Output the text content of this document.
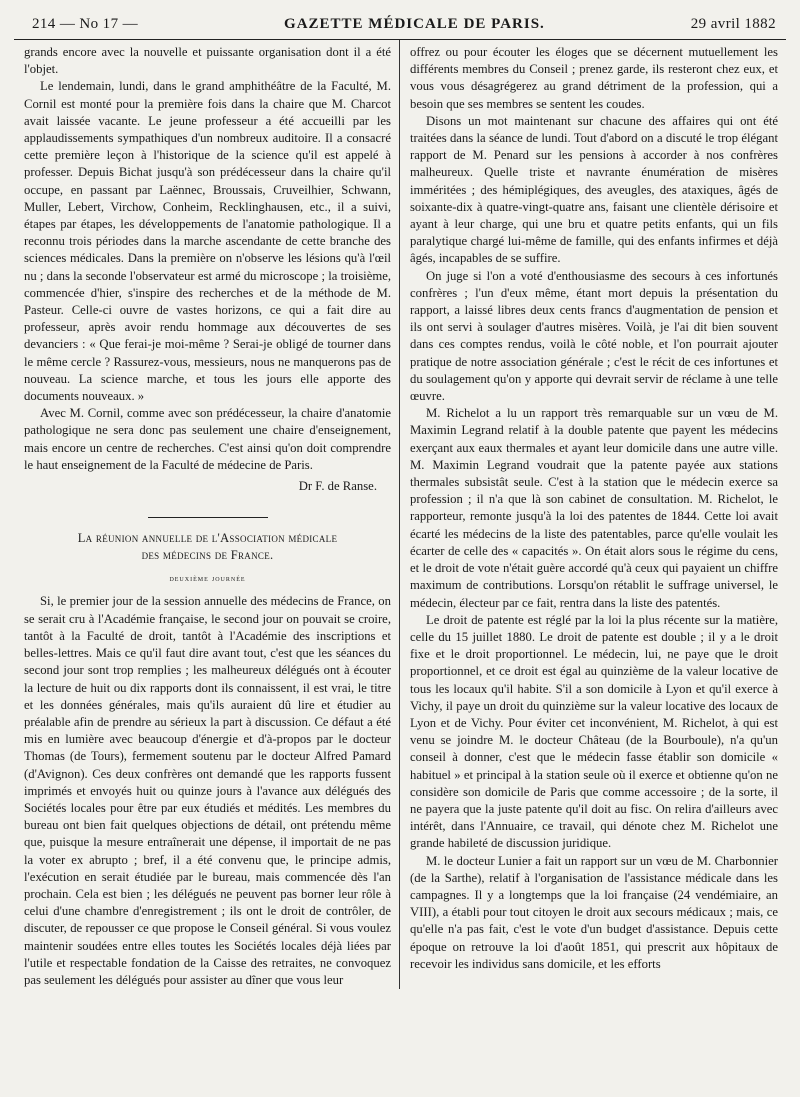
214 — No 17 —	GAZETTE MÉDICALE DE PARIS.	29 avril 1882

grands encore avec la nouvelle et puissante organisation dont il a été l'objet.

Le lendemain, lundi, dans le grand amphithéâtre de la Faculté, M. Cornil est monté pour la première fois dans la chaire que M. Charcot avait laissée vacante. Le jeune professeur a été accueilli par les applaudissements sympathiques d'un nombreux auditoire. Il a consacré cette première leçon à l'historique de la science qu'il est appelé à professer. Depuis Bichat jusqu'à son prédécesseur dans la chaire qu'il occupe, en passant par Laënnec, Broussais, Cruveilhier, Schwann, Muller, Lebert, Virchow, Conheim, Recklinghausen, etc., il a suivi, étapes par étapes, les développements de l'anatomie pathologique. Il a reconnu trois périodes dans la marche ascendante de cette branche des sciences médicales. Dans la première on n'observe les lésions qu'à l'œil nu ; dans la seconde l'observateur est armé du microscope ; la troisième, commencée d'hier, s'inspire des recherches et de la méthode de M. Pasteur. Celle-ci ouvre de vastes horizons, ce qui a fait dire au professeur, après avoir rendu hommage aux découvertes de ses devanciers : « Que ferai-je moi-même ? Serai-je obligé de tourner dans le même cercle ? Rassurez-vous, messieurs, nous ne manquerons pas de nouveau. La science marche, et tous les jours elle apporte des documents nouveaux. »

Avec M. Cornil, comme avec son prédécesseur, la chaire d'anatomie pathologique ne sera donc pas seulement une chaire d'enseignement, mais encore un centre de recherches. C'est ainsi qu'on doit comprendre le haut enseignement de la Faculté de médecine de Paris.

Dr F. de Ranse.
La réunion annuelle de l'Association médicale
des médecins de France.
deuxième journée

Si, le premier jour de la session annuelle des médecins de France, on se serait cru à l'Académie française, le second jour on pouvait se croire, tantôt à la Faculté de droit, tantôt à l'Académie des inscriptions et belles-lettres. Mais ce qu'il faut dire avant tout, c'est que les séances du second jour sont trop remplies ; les malheureux délégués ont à écouter la lecture de huit ou dix rapports dont ils connaissent, il est vrai, le titre et les données générales, mais qu'ils auraient dû lire et étudier au préalable afin de prendre au sérieux la part à discussion. Ce défaut a été mis en lumière avec beaucoup d'énergie et d'à-propos par le docteur Thomas (de Tours), fermement soutenu par le docteur Alfred Pamard (d'Avignon). Ces deux confrères ont demandé que les rapports fussent imprimés et envoyés huit ou quinze jours à l'avance aux délégués des Sociétés locales pour être par eux étudiés et médités. Les membres du bureau ont bien fait quelques objections de détail, ont prétendu même que, puisque la mesure entraînerait une dépense, il importait de ne pas la voter ex abrupto ; bref, il a été convenu que, le principe admis, l'exécution en serait étudiée par le bureau, mais commencée dès l'an prochain. Cela est bien ; les délégués ne peuvent pas borner leur rôle à celui d'une chambre d'enregistrement ; ils ont le droit de contrôler, de discuter, de repousser ce que propose le Conseil général. Si vous voulez maintenir soudées entre elles toutes les Sociétés locales déjà liées par l'utile et respectable fondation de la Caisse des retraites, ne convoquez pas seulement les délégués pour assister au dîner que vous leur

offrez ou pour écouter les éloges que se décernent mutuellement les différents membres du Conseil ; prenez garde, ils resteront chez eux, et vous vous désagrégerez au grand détriment de la profession, qui a besoin que ses membres se sentent les coudes.

Disons un mot maintenant sur chacune des affaires qui ont été traitées dans la séance de lundi. Tout d'abord on a discuté le trop élégant rapport de M. Penard sur les pensions à accorder à nos confrères malheureux. Quelle triste et navrante énumération de misères imméritées ; des hémiplégiques, des aveugles, des ataxiques, âgés de soixante-dix à quatre-vingt-quatre ans, faisant une clientèle dérisoire et ayant à leur charge, qui une bru et quatre petits enfants, qui un fils paralytique chargé lui-même de famille, qui des enfants infirmes et déjà âgés, incapables de se suffire.

On juge si l'on a voté d'enthousiasme des secours à ces infortunés confrères ; l'un d'eux même, étant mort depuis la présentation du rapport, a laissé libres deux cents francs d'augmentation de pension et ils ont servi à soulager d'autres misères. Voilà, je l'ai dit bien souvent dans ces comptes rendus, voilà le côté noble, et l'on pourrait ajouter pratique de notre association générale ; c'est le récit de ces infortunes et du soulagement qu'on y apporte qui devrait servir de réclame à une telle œuvre.

M. Richelot a lu un rapport très remarquable sur un vœu de M. Maximin Legrand relatif à la double patente que payent les médecins exerçant aux eaux thermales et ayant leur domicile dans une autre ville. M. Maximin Legrand voudrait que la patente payée aux stations thermales subsistât seule. C'est à la station que le médecin exerce sa profession ; il n'a que là son cabinet de consultation. M. Richelot, le rapporteur, remonte jusqu'à la loi des patentes de 1844. Cette loi avait écarté les médecins de la liste des patentables, parce qu'elle voulait les écarter de celle des « capacités ». On était alors sous le régime du cens, et le droit de vote n'était guère accordé qu'à ceux qui payaient un chiffre maximum de contributions. Lorsqu'on rétablit le suffrage universel, le médecin, électeur par ce fait, rentra dans la liste des patentés.

Le droit de patente est réglé par la loi la plus récente sur la matière, celle du 15 juillet 1880. Le droit de patente est double ; il y a le droit fixe et le droit proportionnel. Le médecin, lui, ne paye que le droit proportionnel, et ce droit est égal au quinzième de la valeur locative de tous les locaux qu'il habite. S'il a son domicile à Lyon et qu'il exerce à Vichy, il paye un droit du quinzième sur la valeur locative des locaux de Lyon et de Vichy. Pour éviter cet inconvénient, M. Richelot, à qui est venu se joindre M. le docteur Château (de la Bourboule), n'a qu'un conseil à donner, c'est que le médecin fasse établir son domicile « habituel » et principal à la station seule où il exerce et obtienne qu'on ne considère son domicile de Paris que comme accessoire ; de la sorte, il ne payera que la juste patente qu'il doit au fisc. On relira d'ailleurs avec intérêt, dans l'Annuaire, ce travail, qui dénote chez M. Richelot une grande habileté de discussion juridique.

M. le docteur Lunier a fait un rapport sur un vœu de M. Charbonnier (de la Sarthe), relatif à l'organisation de l'assistance médicale dans les campagnes. Il y a longtemps que la loi française (24 vendémiaire, an VIII), a établi pour tout citoyen le droit aux secours médicaux ; mais, ce qu'elle n'a pas fait, c'est le vote d'un budget d'assistance. Depuis cette époque on retrouve la loi d'août 1851, qui prescrit aux hôpitaux de recevoir les individus sans domicile, et les efforts
